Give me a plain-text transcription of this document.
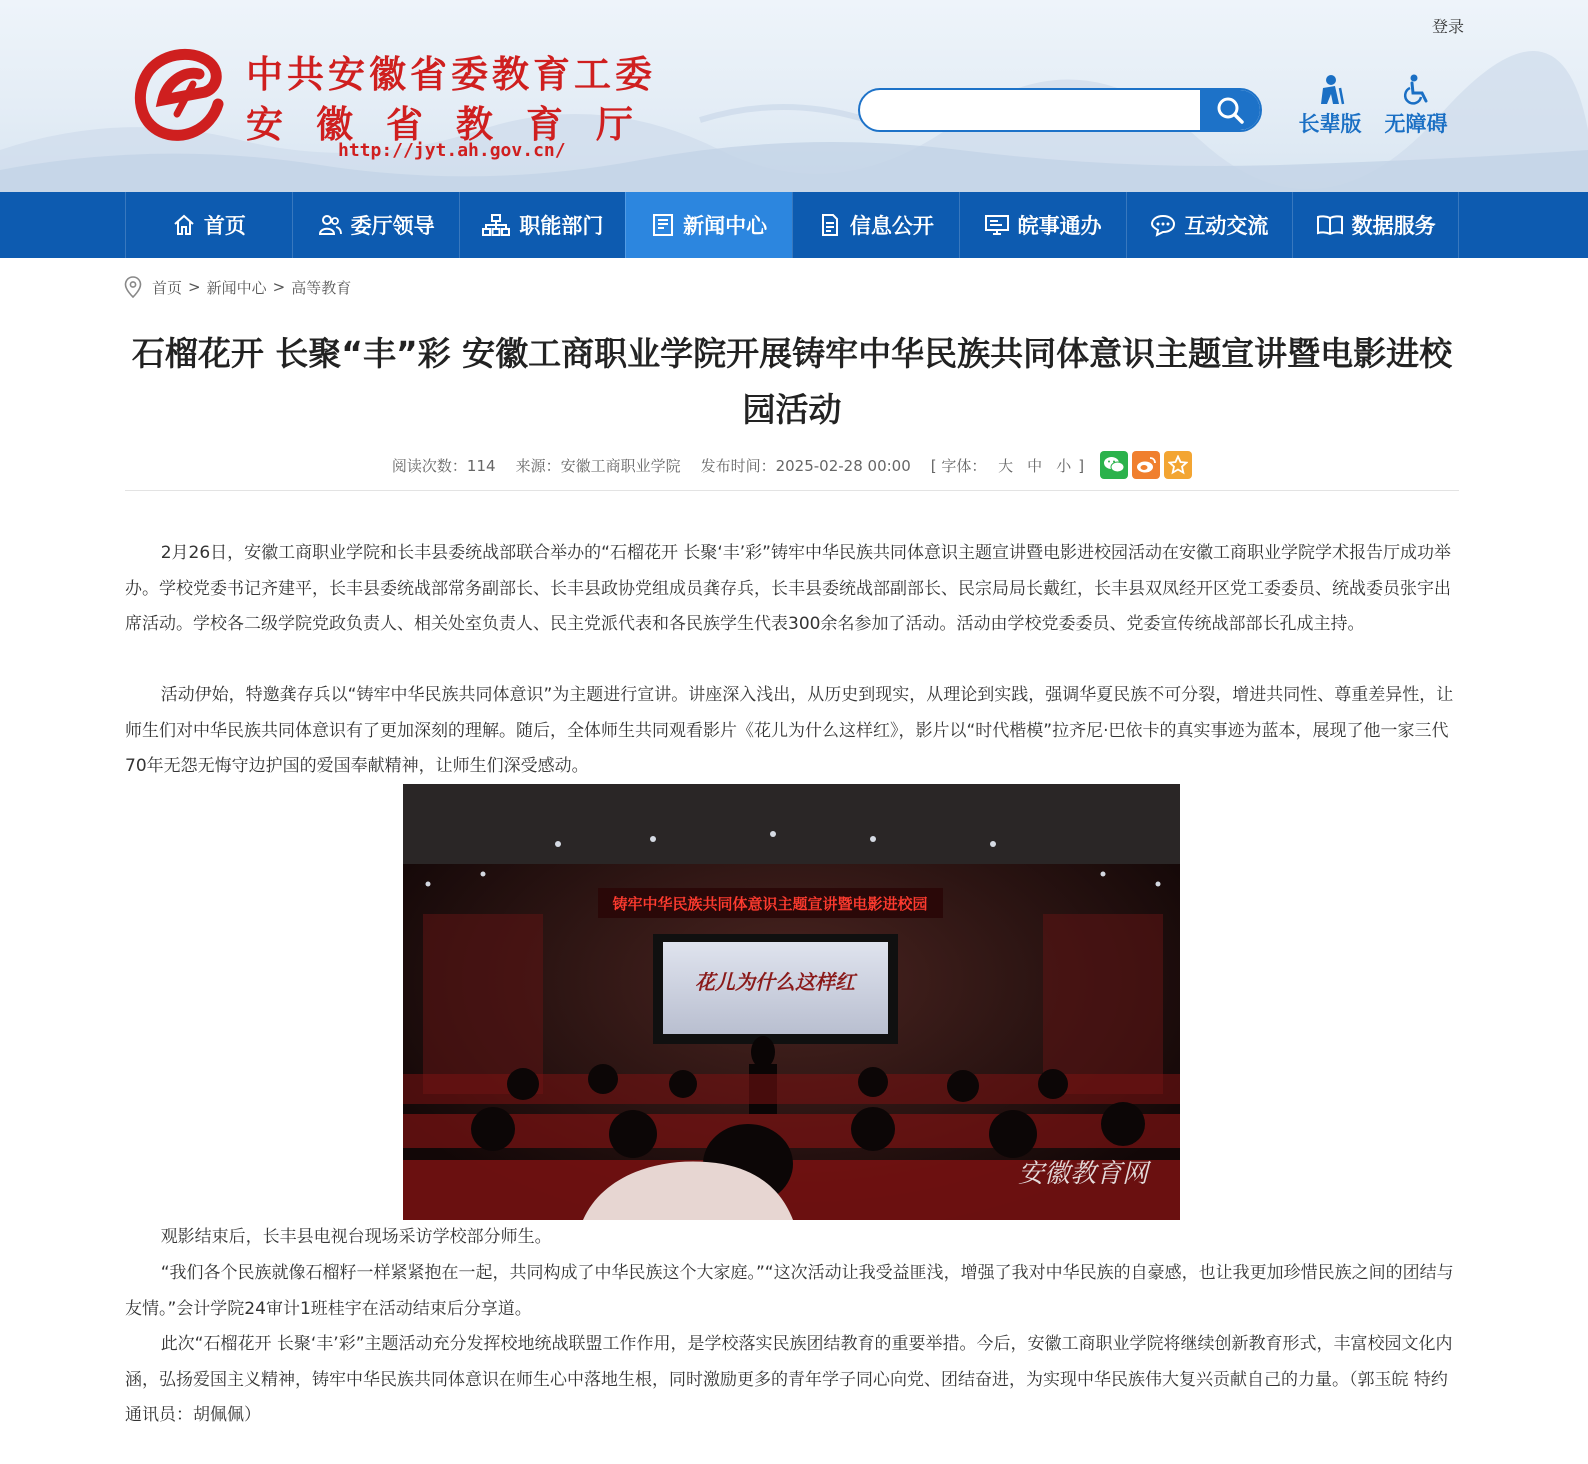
登录
中共安徽省委教育工委
安徽省教育厅
http://jyt.ah.gov.cn/
长辈版 无障碍
首页	委厅领导	职能部门	新闻中心	信息公开	皖事通办	互动交流	数据服务
首页 > 新闻中心 > 高等教育
石榴花开 长聚“丰”彩 安徽工商职业学院开展铸牢中华民族共同体意识主题宣讲暨电影进校园活动
阅读次数：114 来源：安徽工商职业学院 发布时间：2025-02-28 00:00 [ 字体： 大 中 小 ]

2月26日，安徽工商职业学院和长丰县委统战部联合举办的“石榴花开 长聚‘丰’彩”铸牢中华民族共同体意识主题宣讲暨电影进校园活动在安徽工商职业学院学术报告厅成功举办。学校党委书记齐建平，长丰县委统战部常务副部长、长丰县政协党组成员龚存兵，长丰县委统战部副部长、民宗局局长戴红，长丰县双凤经开区党工委委员、统战委员张宇出席活动。学校各二级学院党政负责人、相关处室负责人、民主党派代表和各民族学生代表300余名参加了活动。活动由学校党委委员、党委宣传统战部部长孔成主持。

活动伊始，特邀龚存兵以“铸牢中华民族共同体意识”为主题进行宣讲。讲座深入浅出，从历史到现实，从理论到实践，强调华夏民族不可分裂，增进共同性、尊重差异性，让师生们对中华民族共同体意识有了更加深刻的理解。随后，全体师生共同观看影片《花儿为什么这样红》，影片以“时代楷模”拉齐尼·巴依卡的真实事迹为蓝本，展现了他一家三代70年无怨无悔守边护国的爱国奉献精神，让师生们深受感动。

铸牢中华民族共同体意识主题宣讲暨电影进校园
花儿为什么这样红
安徽教育网

观影结束后，长丰县电视台现场采访学校部分师生。

“我们各个民族就像石榴籽一样紧紧抱在一起，共同构成了中华民族这个大家庭。”“这次活动让我受益匪浅，增强了我对中华民族的自豪感，也让我更加珍惜民族之间的团结与友情。”会计学院24审计1班桂宇在活动结束后分享道。

此次“石榴花开 长聚‘丰’彩”主题活动充分发挥校地统战联盟工作作用，是学校落实民族团结教育的重要举措。今后，安徽工商职业学院将继续创新教育形式，丰富校园文化内涵，弘扬爱国主义精神，铸牢中华民族共同体意识在师生心中落地生根，同时激励更多的青年学子同心向党、团结奋进，为实现中华民族伟大复兴贡献自己的力量。（郭玉皖 特约通讯员：胡佩佩）
